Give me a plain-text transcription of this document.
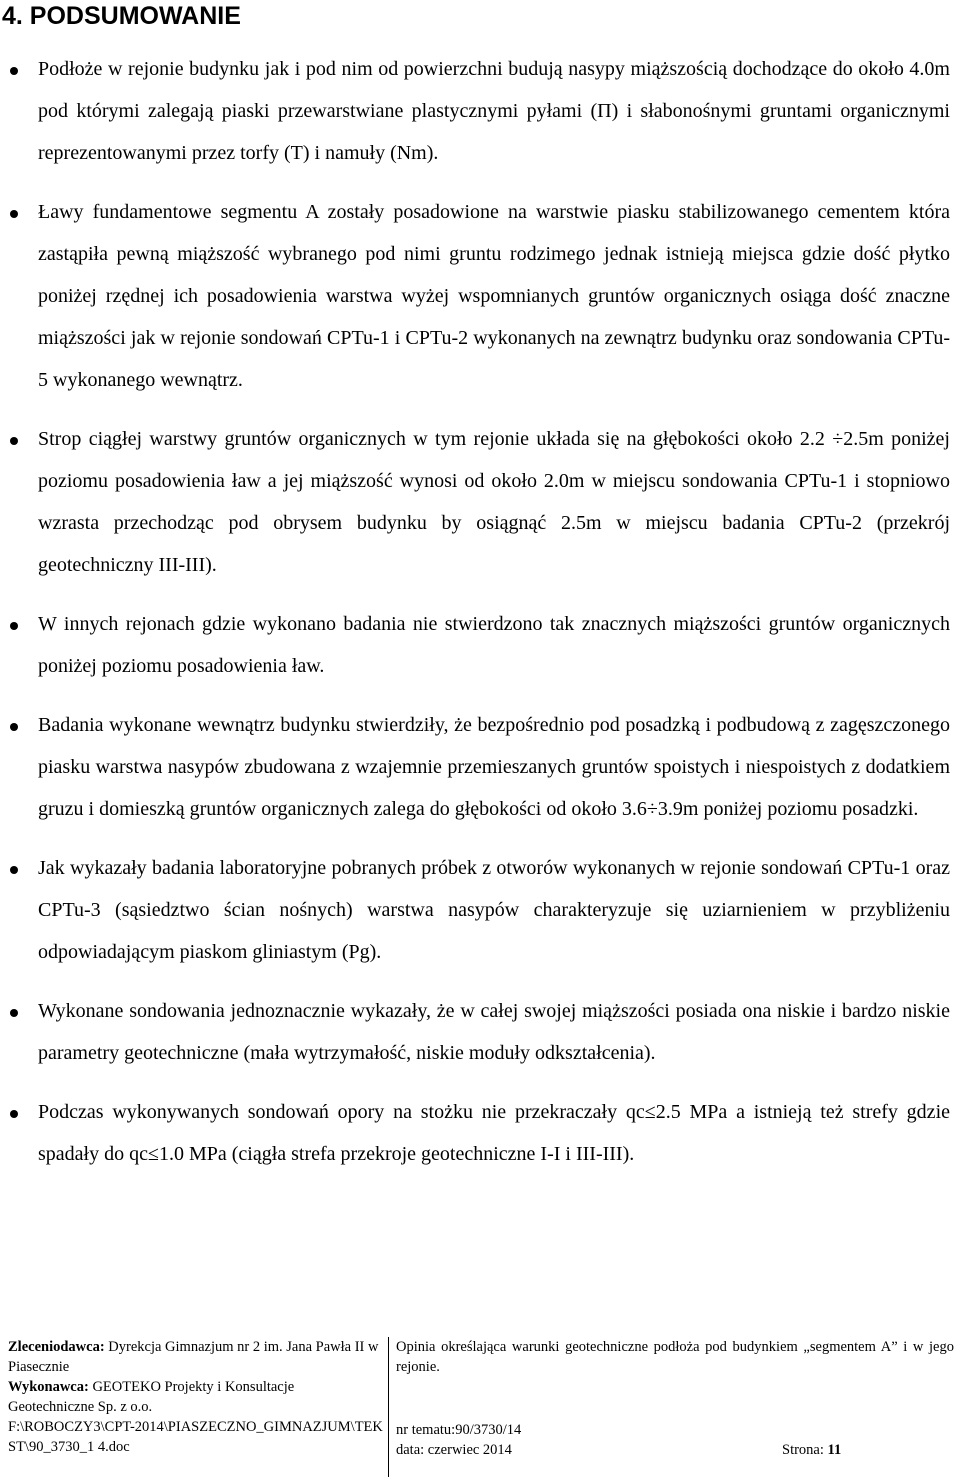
4. PODSUMOWANIE
Podłoże w rejonie budynku jak i pod nim od powierzchni budują nasypy miąższością dochodzące do około 4.0m pod którymi zalegają piaski przewarstwiane plastycznymi pyłami (Π) i słabonośnymi gruntami organicznymi reprezentowanymi przez torfy (T) i namuły (Nm).
Ławy fundamentowe segmentu A zostały posadowione na warstwie piasku stabilizowanego cementem która zastąpiła pewną miąższość wybranego pod nimi gruntu rodzimego jednak istnieją miejsca gdzie dość płytko poniżej rzędnej ich posadowienia warstwa wyżej wspomnianych gruntów organicznych osiąga dość znaczne miąższości jak w rejonie sondowań CPTu-1 i CPTu-2 wykonanych na zewnątrz budynku oraz sondowania CPTu-5 wykonanego wewnątrz.
Strop ciągłej warstwy gruntów organicznych w tym rejonie układa się na głębokości około 2.2 ÷2.5m poniżej poziomu posadowienia ław a jej miąższość wynosi od około 2.0m w miejscu sondowania CPTu-1 i stopniowo wzrasta przechodząc pod obrysem budynku by osiągnąć 2.5m w miejscu badania CPTu-2 (przekrój geotechniczny III-III).
W innych rejonach gdzie wykonano badania nie stwierdzono tak znacznych miąższości gruntów organicznych poniżej poziomu posadowienia ław.
Badania wykonane wewnątrz budynku stwierdziły, że bezpośrednio pod posadzką i podbudową z zagęszczonego piasku warstwa nasypów zbudowana z wzajemnie przemieszanych gruntów spoistych i niespoistych z dodatkiem gruzu i domieszką gruntów organicznych zalega do głębokości od około 3.6÷3.9m poniżej poziomu posadzki.
Jak wykazały badania laboratoryjne pobranych próbek z otworów wykonanych w rejonie sondowań CPTu-1 oraz CPTu-3 (sąsiedztwo ścian nośnych) warstwa nasypów charakteryzuje się uziarnieniem w przybliżeniu odpowiadającym piaskom gliniastym (Pg).
Wykonane sondowania jednoznacznie wykazały, że w całej swojej miąższości posiada ona niskie i bardzo niskie parametry geotechniczne (mała wytrzymałość, niskie moduły odkształcenia).
Podczas wykonywanych sondowań opory na stożku nie przekraczały qc≤2.5 MPa a istnieją też strefy gdzie spadały do qc≤1.0 MPa (ciągła strefa przekroje geotechniczne I-I i III-III).
Zleceniodawca: Dyrekcja Gimnazjum nr 2 im. Jana Pawła II w Piasecznie
Wykonawca: GEOTEKO Projekty i Konsultacje Geotechniczne Sp. z o.o.
F:\ROBOCZY3\CPT-2014\PIASZECZNO_GIMNAZJUM\TEKST\90_3730_1 4.doc
Opinia określająca warunki geotechniczne podłoża pod budynkiem „segmentem A” i w jego rejonie.
nr tematu:90/3730/14
data: czerwiec 2014	Strona: 11
